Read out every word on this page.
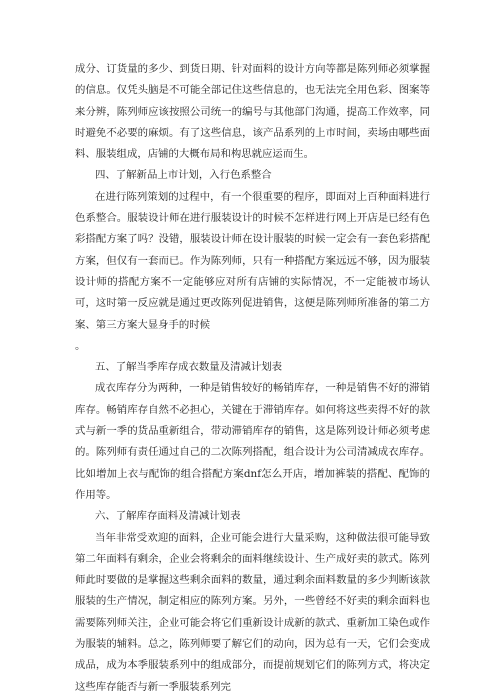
成分、订货量的多少、到货日期、针对面料的设计方向等都是陈列师必须掌握的信息。仅凭头脑是不可能全部记住这些信息的，也无法完全用色彩、图案等来分辨，陈列师应该按照公司统一的编号与其他部门沟通，提高工作效率，同时避免不必要的麻烦。有了这些信息，该产品系列的上市时间，卖场由哪些面料、服装组成，店铺的大概布局和构思就应运而生。

四、了解新品上市计划，入行色系整合

在进行陈列策划的过程中，有一个很重要的程序，即面对上百种面料进行色系整合。服装设计师在进行服装设计的时候不怎样进行网上开店是已经有色彩搭配方案了吗？没错，服装设计师在设计服装的时候一定会有一套色彩搭配方案，但仅有一套而已。作为陈列师，只有一种搭配方案远远不够，因为服装设计师的搭配方案不一定能够应对所有店铺的实际情况，不一定能被市场认可，这时第一反应就是通过更改陈列促进销售，这便是陈列师所准备的第二方案、第三方案大显身手的时候

。

五、了解当季库存成衣数量及清减计划表

成衣库存分为两种，一种是销售较好的畅销库存，一种是销售不好的滞销库存。畅销库存自然不必担心，关键在于滞销库存。如何将这些卖得不好的款式与新一季的货品重新组合，带动滞销库存的销售，这是陈列设计师必须考虑的。陈列师有责任通过自己的二次陈列搭配，组合设计为公司清减成衣库存。比如增加上衣与配饰的组合搭配方案dnf怎么开店，增加裤装的搭配、配饰的作用等。

六、了解库存面料及清减计划表

当年非常受欢迎的面料，企业可能会进行大量采购，这种做法很可能导致第二年面料有剩余，企业会将剩余的面料继续设计、生产成好卖的款式。陈列师此时要做的是掌握这些剩余面料的数量，通过剩余面料数量的多少判断该款服装的生产情况，制定相应的陈列方案。另外，一些曾经不好卖的剩余面料也需要陈列师关注，企业可能会将它们重新设计成新的款式、重新加工染色或作为服装的辅料。总之，陈列师要了解它们的动向，因为总有一天，它们会变成成品，成为本季服装系列中的组成部分，而提前规划它们的陈列方式，将决定这些库存能否与新一季服装系列完
